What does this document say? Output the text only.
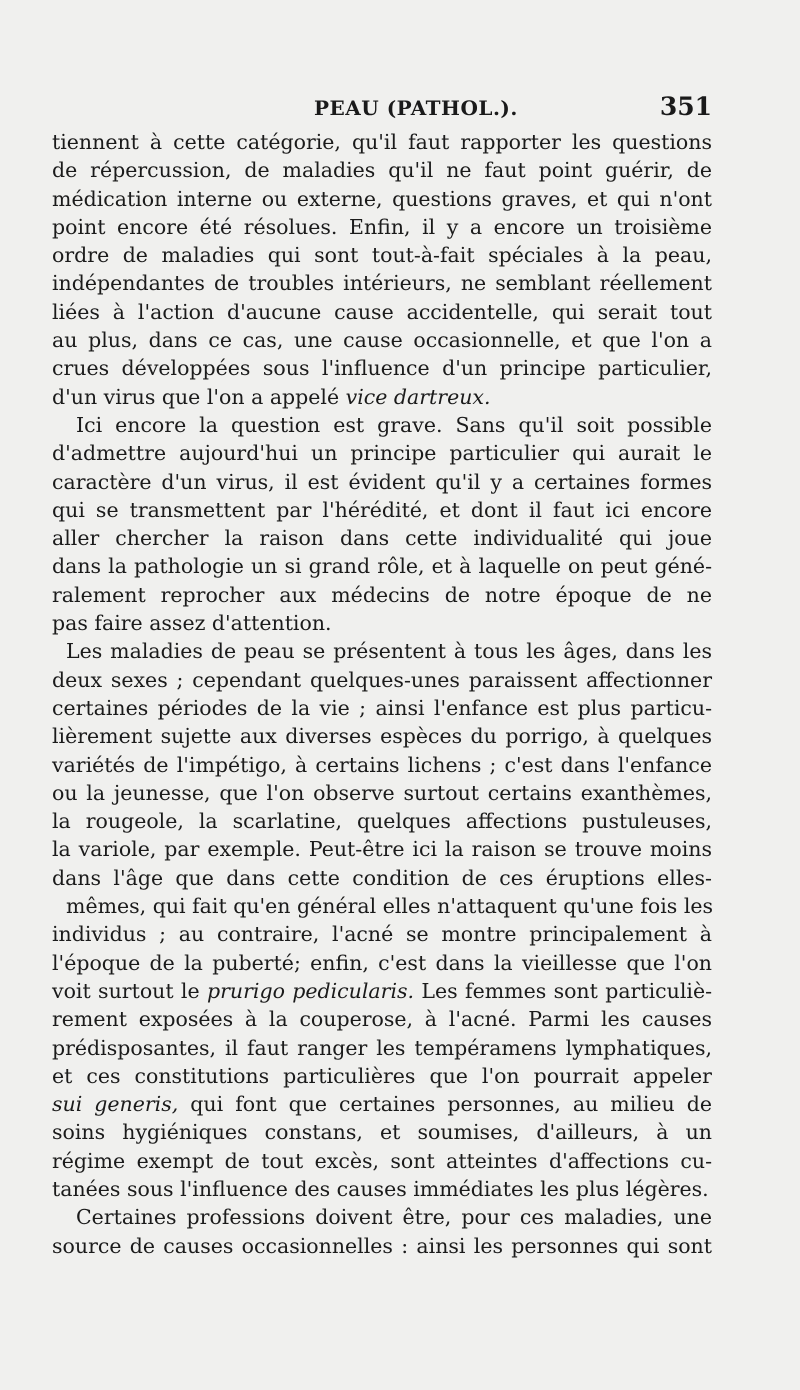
PEAU (PATHOL.).	351
tiennent à cette catégorie, qu'il faut rapporter les questions
de répercussion, de maladies qu'il ne faut point guérir, de
médication interne ou externe, questions graves, et qui n'ont
point encore été résolues. Enfin, il y a encore un troisième
ordre de maladies qui sont tout-à-fait spéciales à la peau,
indépendantes de troubles intérieurs, ne semblant réellement
liées à l'action d'aucune cause accidentelle, qui serait tout
au plus, dans ce cas, une cause occasionnelle, et que l'on a
crues développées sous l'influence d'un principe particulier,
d'un virus que l'on a appelé vice dartreux.
Ici encore la question est grave. Sans qu'il soit possible
d'admettre aujourd'hui un principe particulier qui aurait le
caractère d'un virus, il est évident qu'il y a certaines formes
qui se transmettent par l'hérédité, et dont il faut ici encore
aller chercher la raison dans cette individualité qui joue
dans la pathologie un si grand rôle, et à laquelle on peut géné-
ralement reprocher aux médecins de notre époque de ne
pas faire assez d'attention.
Les maladies de peau se présentent à tous les âges, dans les
deux sexes ; cependant quelques-unes paraissent affectionner
certaines périodes de la vie ; ainsi l'enfance est plus particu-
lièrement sujette aux diverses espèces du porrigo, à quelques
variétés de l'impétigo, à certains lichens ; c'est dans l'enfance
ou la jeunesse, que l'on observe surtout certains exanthèmes,
la rougeole, la scarlatine, quelques affections pustuleuses,
la variole, par exemple. Peut-être ici la raison se trouve moins
dans l'âge que dans cette condition de ces éruptions elles-
mêmes, qui fait qu'en général elles n'attaquent qu'une fois les
individus ; au contraire, l'acné se montre principalement à
l'époque de la puberté; enfin, c'est dans la vieillesse que l'on
voit surtout le prurigo pedicularis. Les femmes sont particuliè-
rement exposées à la couperose, à l'acné. Parmi les causes
prédisposantes, il faut ranger les tempéramens lymphatiques,
et ces constitutions particulières que l'on pourrait appeler
sui generis, qui font que certaines personnes, au milieu de
soins hygiéniques constans, et soumises, d'ailleurs, à un
régime exempt de tout excès, sont atteintes d'affections cu-
tanées sous l'influence des causes immédiates les plus légères.
Certaines professions doivent être, pour ces maladies, une
source de causes occasionnelles : ainsi les personnes qui sont
